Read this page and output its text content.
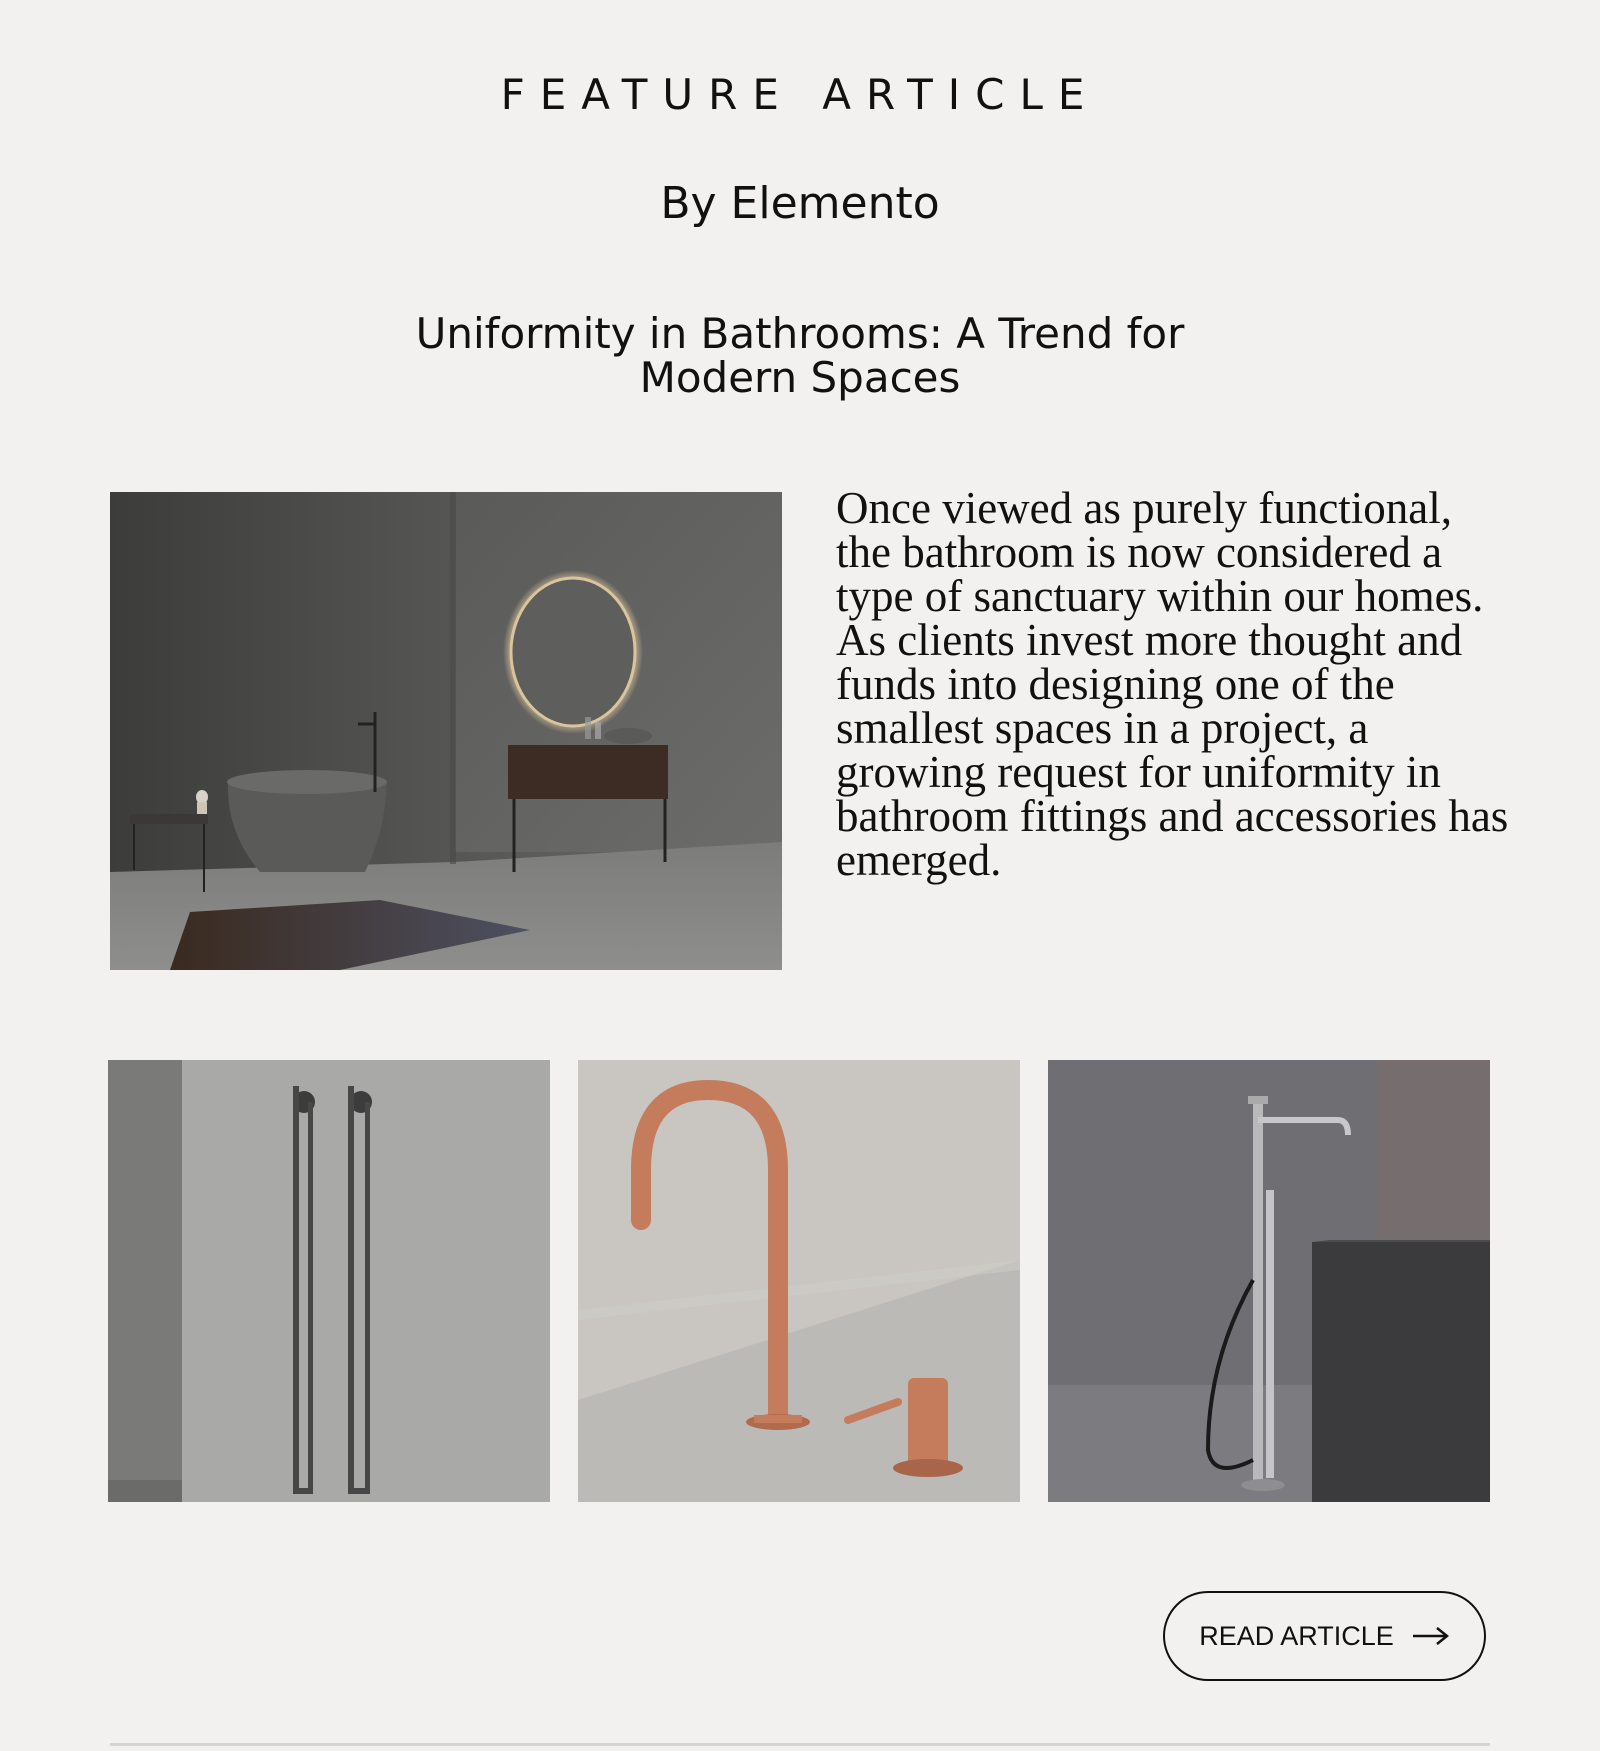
FEATURE ARTICLE
By Elemento
Uniformity in Bathrooms: A Trend for
Modern Spaces

Once viewed as purely functional, the bathroom is now considered a type of sanctuary within our homes. As clients invest more thought and funds into designing one of the smallest spaces in a project, a growing request for uniformity in bathroom fittings and accessories has emerged.

READ ARTICLE
